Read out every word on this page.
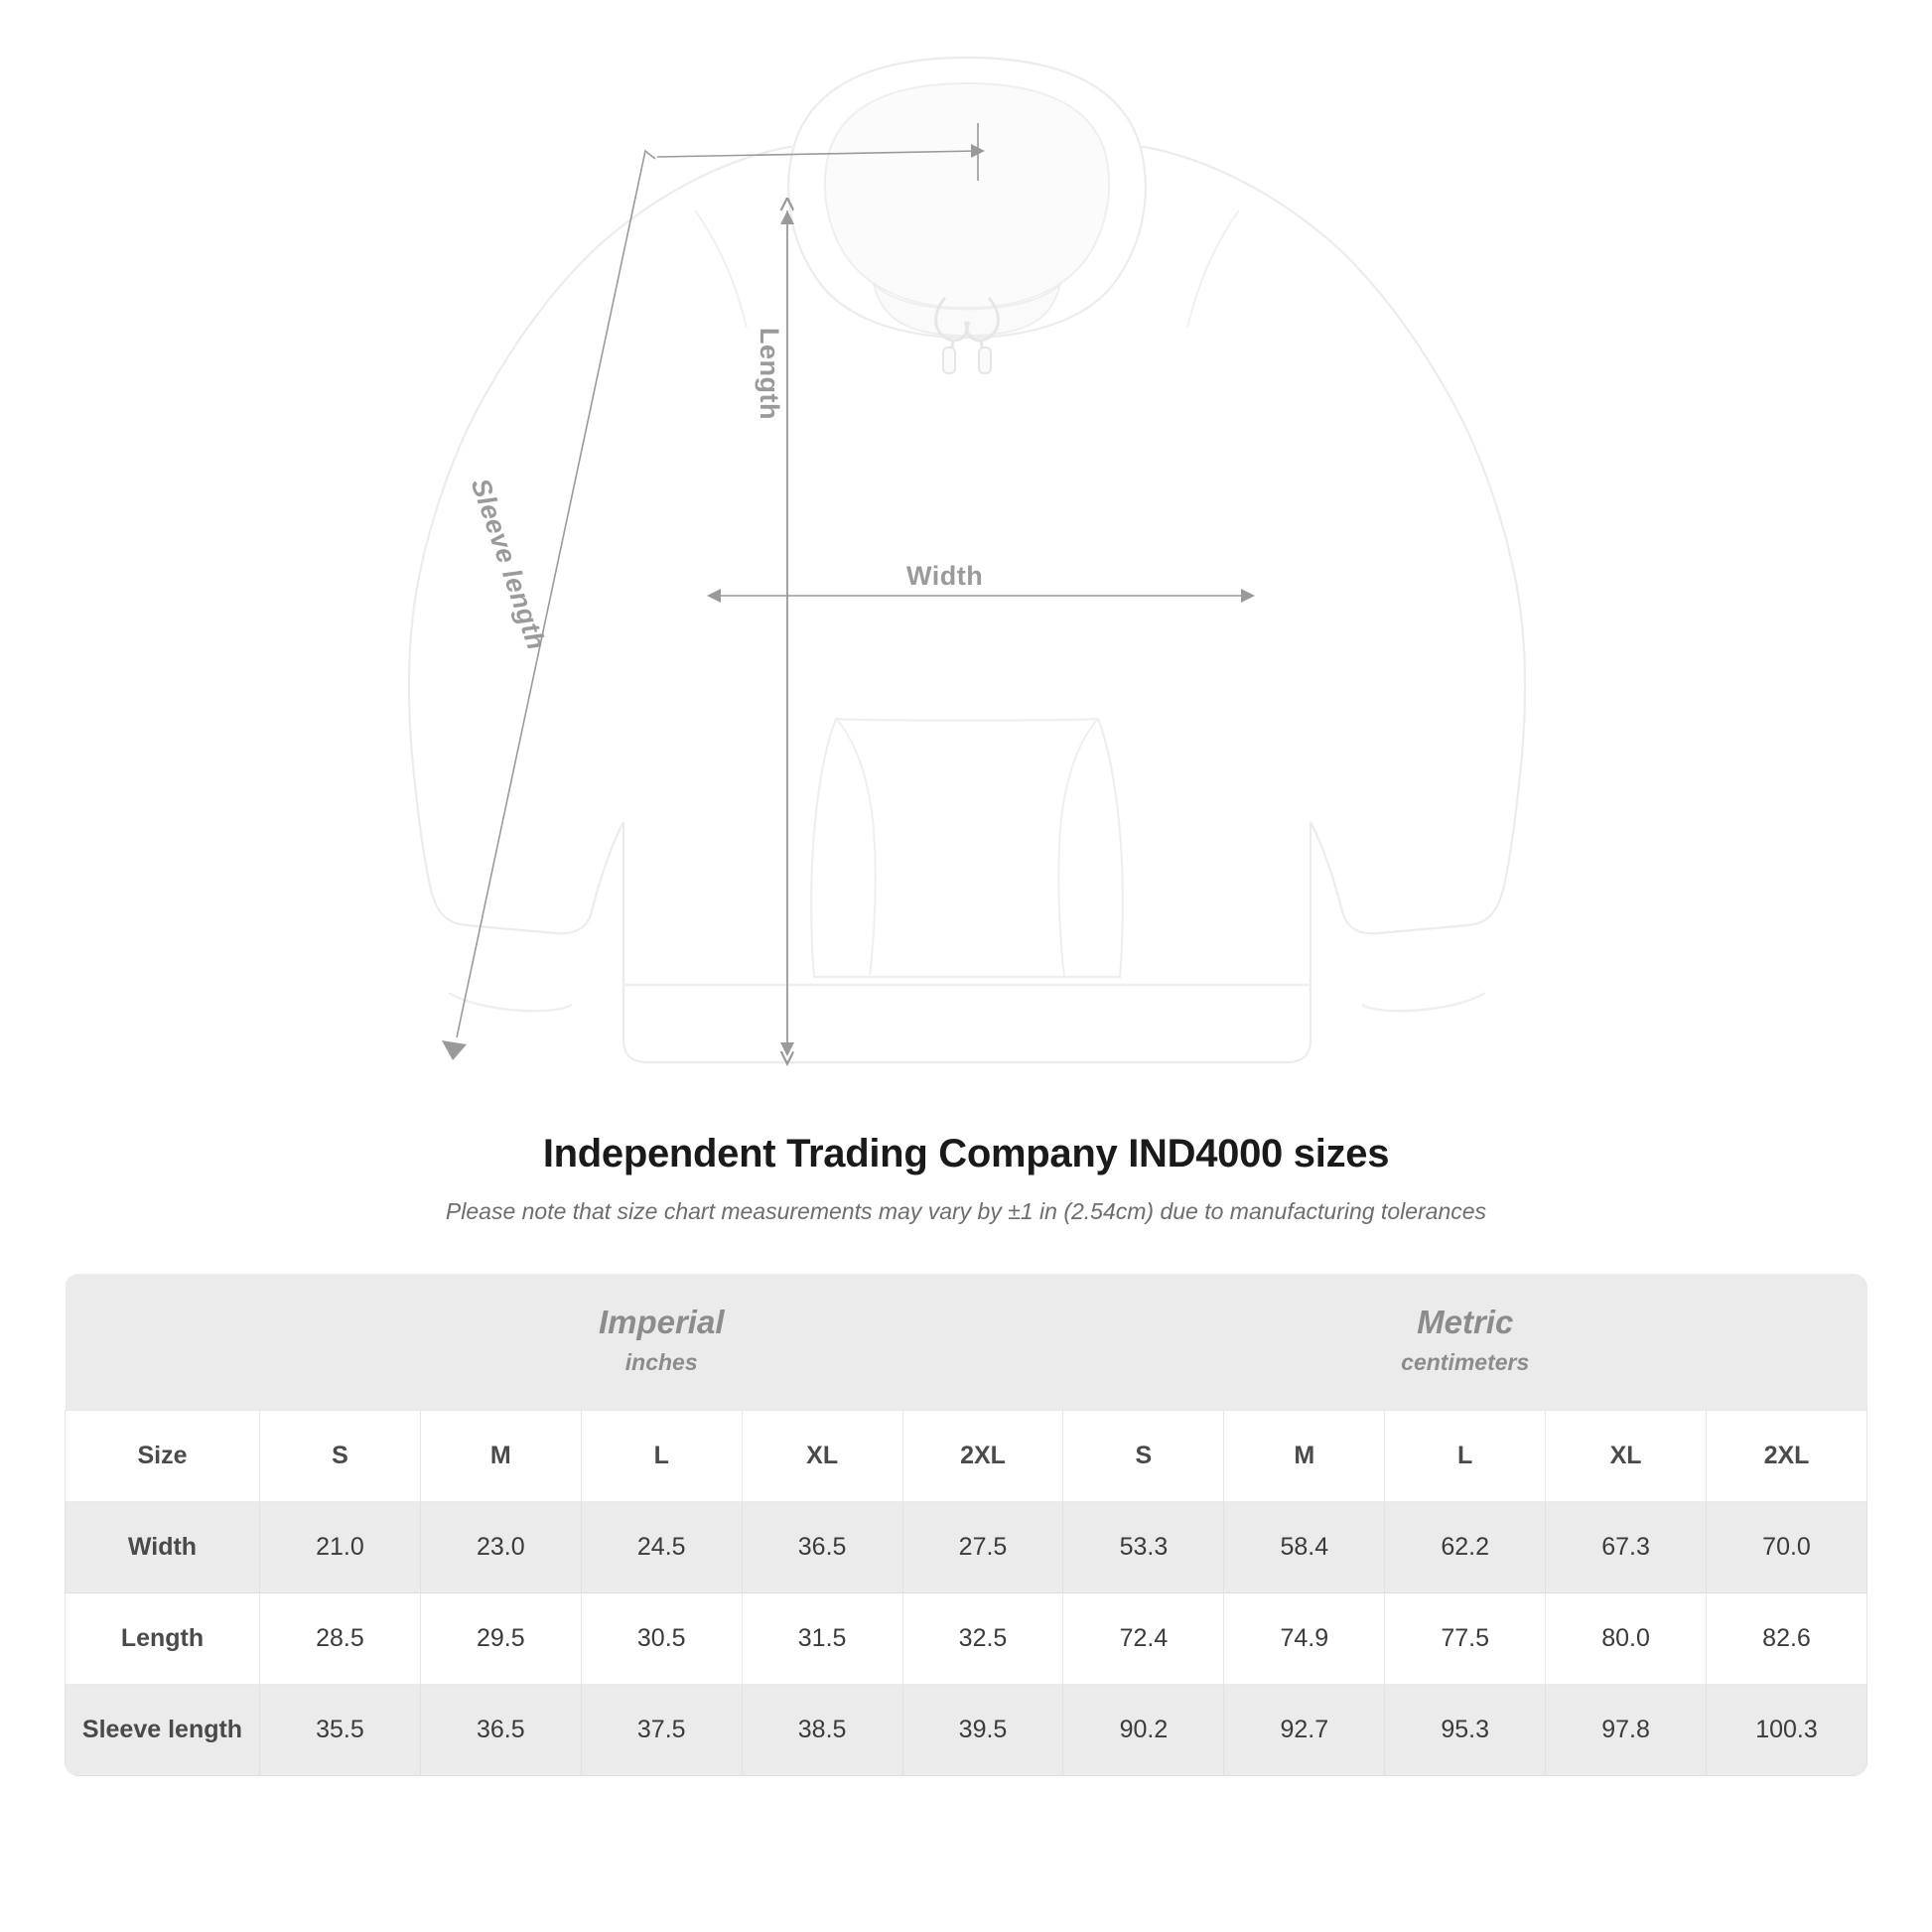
Length
Width
Sleeve length
Independent Trading Company IND4000 sizes

Please note that size chart measurements may vary by ±1 in (2.54cm) due to manufacturing tolerances

	Imperial
inches					Metric
centimeters				

Size	S	M	L	XL	2XL	S	M	L	XL	2XL
Width	21.0	23.0	24.5	36.5	27.5	53.3	58.4	62.2	67.3	70.0
Length	28.5	29.5	30.5	31.5	32.5	72.4	74.9	77.5	80.0	82.6
Sleeve length	35.5	36.5	37.5	38.5	39.5	90.2	92.7	95.3	97.8	100.3
